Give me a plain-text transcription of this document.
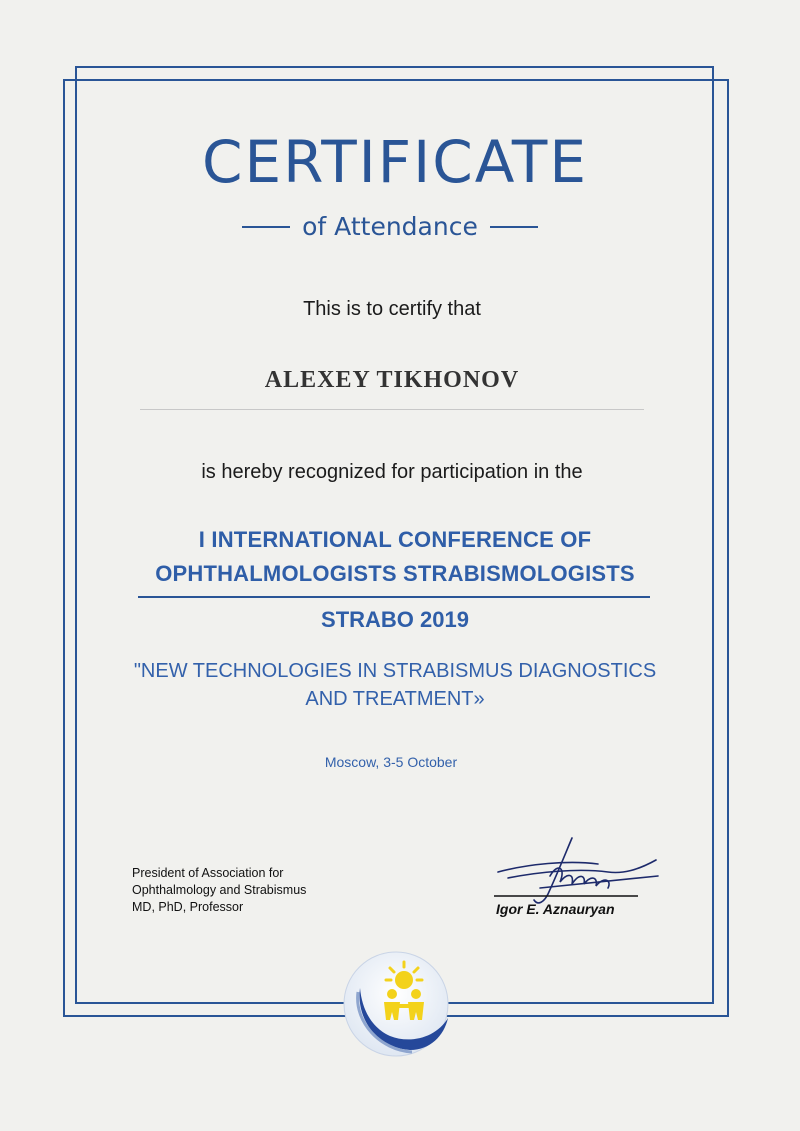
CERTIFICATE
of Attendance
This is to certify that
ALEXEY TIKHONOV
is hereby recognized for participation in the
I INTERNATIONAL CONFERENCE OF
OPHTHALMOLOGISTS STRABISMOLOGISTS
STRABO 2019
"NEW TECHNOLOGIES IN STRABISMUS DIAGNOSTICS
AND TREATMENT»
Moscow, 3-5 October
President of Association for
Ophthalmology and Strabismus
MD, PhD, Professor	Igor E. Aznauryan
